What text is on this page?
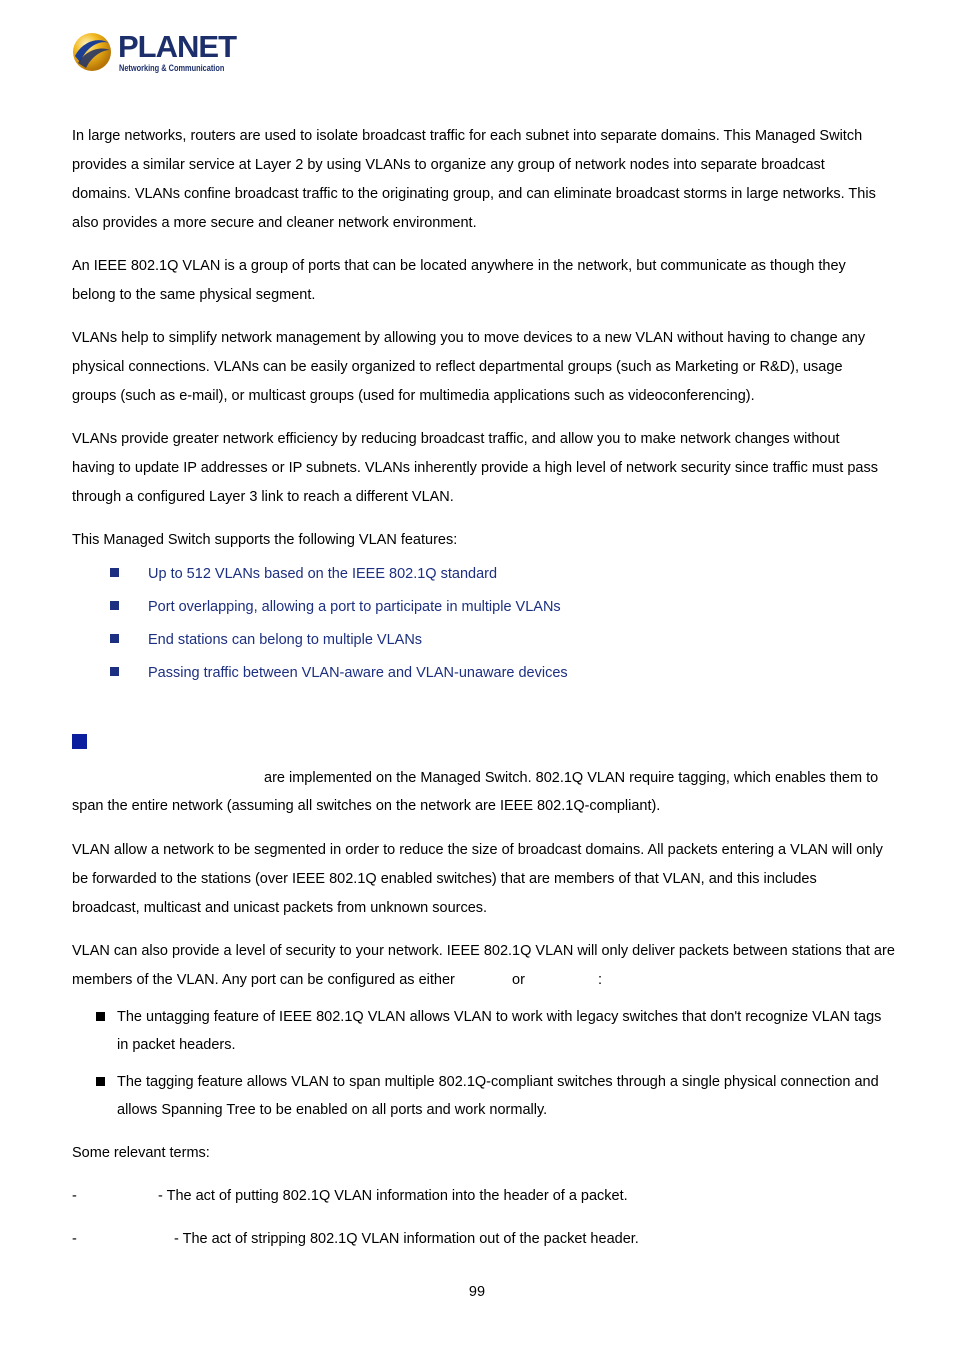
PLANET
Networking & Communication

In large networks, routers are used to isolate broadcast traffic for each subnet into separate domains. This Managed Switch provides a similar service at Layer 2 by using VLANs to organize any group of network nodes into separate broadcast domains. VLANs confine broadcast traffic to the originating group, and can eliminate broadcast storms in large networks. This also provides a more secure and cleaner network environment.

An IEEE 802.1Q VLAN is a group of ports that can be located anywhere in the network, but communicate as though they belong to the same physical segment.

VLANs help to simplify network management by allowing you to move devices to a new VLAN without having to change any physical connections. VLANs can be easily organized to reflect departmental groups (such as Marketing or R&D), usage groups (such as e-mail), or multicast groups (used for multimedia applications such as videoconferencing).

VLANs provide greater network efficiency by reducing broadcast traffic, and allow you to make network changes without having to update IP addresses or IP subnets. VLANs inherently provide a high level of network security since traffic must pass through a configured Layer 3 link to reach a different VLAN.

This Managed Switch supports the following VLAN features:

Up to 512 VLANs based on the IEEE 802.1Q standard
Port overlapping, allowing a port to participate in multiple VLANs
End stations can belong to multiple VLANs
Passing traffic between VLAN-aware and VLAN-unaware devices
are implemented on the Managed Switch. 802.1Q VLAN require tagging, which enables them to
span the entire network (assuming all switches on the network are IEEE 802.1Q-compliant).

VLAN allow a network to be segmented in order to reduce the size of broadcast domains. All packets entering a VLAN will only be forwarded to the stations (over IEEE 802.1Q enabled switches) that are members of that VLAN, and this includes broadcast, multicast and unicast packets from unknown sources.

VLAN can also provide a level of security to your network. IEEE 802.1Q VLAN will only deliver packets between stations that are
members of the VLAN. Any port can be configured as either	or	:
The untagging feature of IEEE 802.1Q VLAN allows VLAN to work with legacy switches that don't recognize VLAN tags in packet headers.
The tagging feature allows VLAN to span multiple 802.1Q-compliant switches through a single physical connection and allows Spanning Tree to be enabled on all ports and work normally.
Some relevant terms:
-	- The act of putting 802.1Q VLAN information into the header of a packet.
-	- The act of stripping 802.1Q VLAN information out of the packet header.
99
